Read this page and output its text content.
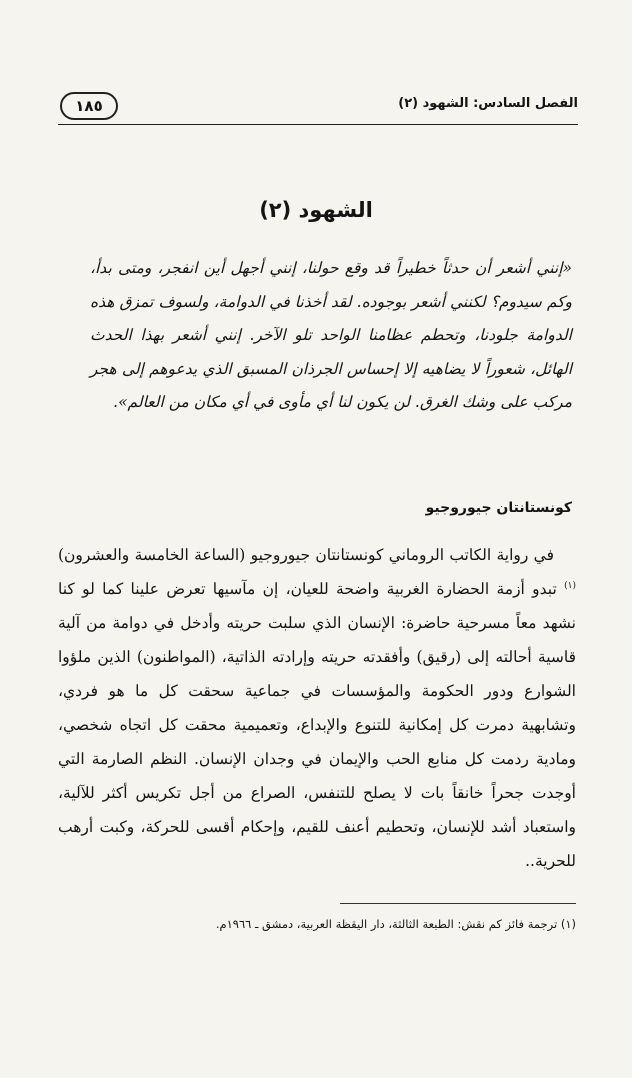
الفصل السادس: الشهود (٢)
١٨٥
الشهود (٢)
«إنني أشعر أن حدثاً خطيراً قد وقع حولنا، إنني أجهل أين انفجر، ومتى بدأ، وكم سيدوم؟ لكنني أشعر بوجوده. لقد أخذنا في الدوامة، ولسوف تمزق هذه الدوامة جلودنا، وتحطم عظامنا الواحد تلو الآخر. إنني أشعر بهذا الحدث الهائل، شعوراً لا يضاهيه إلا إحساس الجرذان المسبق الذي يدعوهم إلى هجر مركب على وشك الغرق. لن يكون لنا أي مأوى في أي مكان من العالم».
كونستانتان جيوروجيو

في رواية الكاتب الروماني كونستانتان جيوروجيو (الساعة الخامسة والعشرون)$^{(١)}$ تبدو أزمة الحضارة الغربية واضحة للعيان، إن مآسيها تعرض علينا كما لو كنا نشهد معاً مسرحية حاضرة: الإنسان الذي سلبت حريته وأدخل في دوامة من آلية قاسية أحالته إلى (رقيق) وأفقدته حريته وإرادته الذاتية، (المواطنون) الذين ملؤوا الشوارع ودور الحكومة والمؤسسات في جماعية سحقت كل ما هو فردي، وتشابهية دمرت كل إمكانية للتنوع والإبداع، وتعميمية محقت كل اتجاه شخصي، ومادية ردمت كل منابع الحب والإيمان في وجدان الإنسان. النظم الصارمة التي أوجدت جحراً خانقاً بات لا يصلح للتنفس، الصراع من أجل تكريس أكثر للآلية، واستعباد أشد للإنسان، وتحطيم أعنف للقيم، وإحكام أقسى للحركة، وكبت أرهب للحرية..

(١) ترجمة فائز كم نقش: الطبعة الثالثة، دار اليقظة العربية، دمشق ـ ١٩٦٦م.
